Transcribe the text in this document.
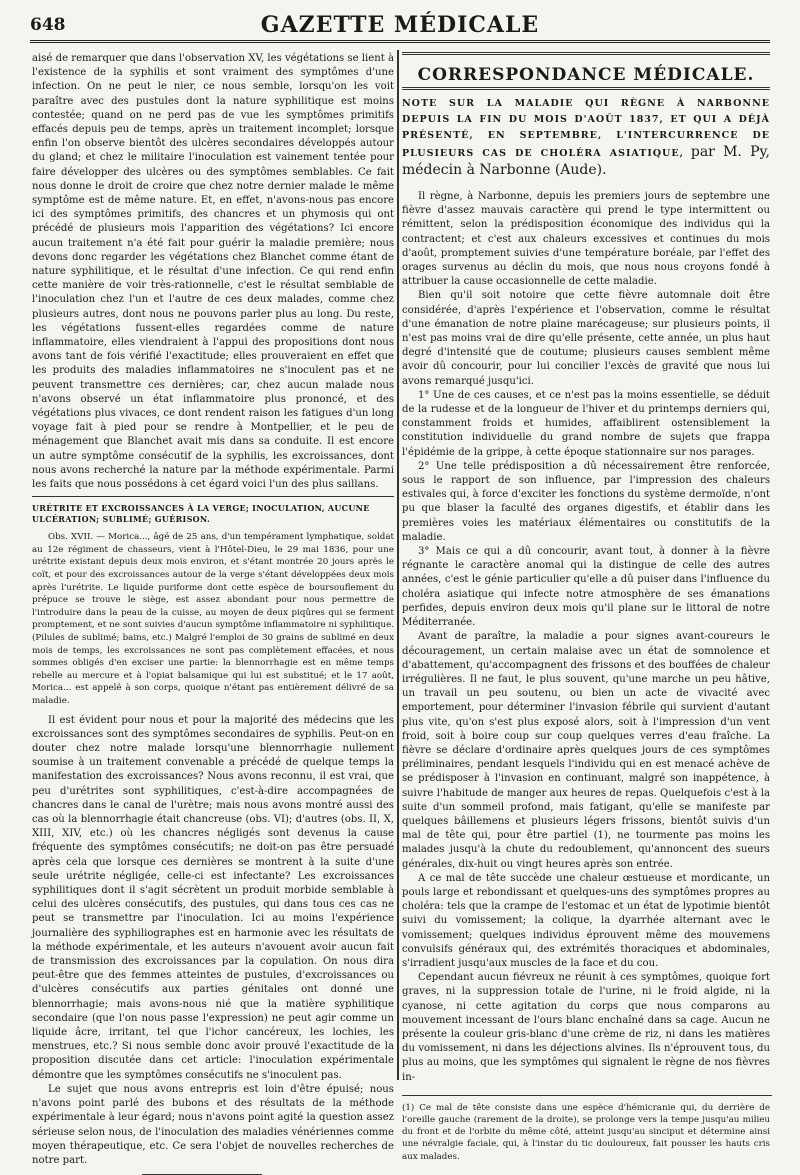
648	GAZETTE MÉDICALE

aisé de remarquer que dans l'observation XV, les végétations se lient à l'existence de la syphilis et sont vraiment des symptômes d'une infection. On ne peut le nier, ce nous semble, lorsqu'on les voit paraître avec des pustules dont la nature syphilitique est moins contestée; quand on ne perd pas de vue les symptômes primitifs effacés depuis peu de temps, après un traitement incomplet; lorsque enfin l'on observe bientôt des ulcères secondaires développés autour du gland; et chez le militaire l'inoculation est vainement tentée pour faire développer des ulcères ou des symptômes semblables. Ce fait nous donne le droit de croire que chez notre dernier malade le même symptôme est de même nature. Et, en effet, n'avons-nous pas encore ici des symptômes primitifs, des chancres et un phymosis qui ont précédé de plusieurs mois l'apparition des végétations? Ici encore aucun traitement n'a été fait pour guérir la maladie première; nous devons donc regarder les végétations chez Blanchet comme étant de nature syphilitique, et le résultat d'une infection. Ce qui rend enfin cette manière de voir très-rationnelle, c'est le résultat semblable de l'inoculation chez l'un et l'autre de ces deux malades, comme chez plusieurs autres, dont nous ne pouvons parler plus au long. Du reste, les végétations fussent-elles regardées comme de nature inflammatoire, elles viendraient à l'appui des propositions dont nous avons tant de fois vérifié l'exactitude; elles prouveraient en effet que les produits des maladies inflammatoires ne s'inoculent pas et ne peuvent transmettre ces dernières; car, chez aucun malade nous n'avons observé un état inflammatoire plus prononcé, et des végétations plus vivaces, ce dont rendent raison les fatigues d'un long voyage fait à pied pour se rendre à Montpellier, et le peu de ménagement que Blanchet avait mis dans sa conduite. Il est encore un autre symptôme consécutif de la syphilis, les excroissances, dont nous avons recherché la nature par la méthode expérimentale. Parmi les faits que nous possédons à cet égard voici l'un des plus saillans.

URÉTRITE ET EXCROISSANCES À LA VERGE; INOCULATION, AUCUNE ULCÉRATION; SUBLIMÉ; GUÉRISON.

Obs. XVII. — Morica..., âgé de 25 ans, d'un tempérament lymphatique, soldat au 12e régiment de chasseurs, vient à l'Hôtel-Dieu, le 29 mai 1836, pour une urétrite existant depuis deux mois environ, et s'étant montrée 20 jours après le coït, et pour des excroissances autour de la verge s'étant développées deux mois après l'urétrite. Le liquide puriforme dont cette espèce de boursouflement du prépuce se trouve le siège, est assez abondant pour nous permettre de l'introduire dans la peau de la cuisse, au moyen de deux piqûres qui se ferment promptement, et ne sont suivies d'aucun symptôme inflammatoire ni syphilitique. (Pilules de sublimé; bains, etc.) Malgré l'emploi de 30 grains de sublimé en deux mois de temps, les excroissances ne sont pas complètement effacées, et nous sommes obligés d'en exciser une partie: la blennorrhagie est en même temps rebelle au mercure et à l'opiat balsamique qui lui est substitué; et le 17 août, Morica... est appelé à son corps, quoique n'étant pas entièrement délivré de sa maladie.

Il est évident pour nous et pour la majorité des médecins que les excroissances sont des symptômes secondaires de syphilis. Peut-on en douter chez notre malade lorsqu'une blennorrhagie nullement soumise à un traitement convenable a précédé de quelque temps la manifestation des excroissances? Nous avons reconnu, il est vrai, que peu d'urétrites sont syphilitiques, c'est-à-dire accompagnées de chancres dans le canal de l'urètre; mais nous avons montré aussi des cas où la blennorrhagie était chancreuse (obs. VI); d'autres (obs. II, X, XIII, XIV, etc.) où les chancres négligés sont devenus la cause fréquente des symptômes consécutifs; ne doit-on pas être persuadé après cela que lorsque ces dernières se montrent à la suite d'une seule urétrite négligée, celle-ci est infectante? Les excroissances syphilitiques dont il s'agit sécrètent un produit morbide semblable à celui des ulcères consécutifs, des pustules, qui dans tous ces cas ne peut se transmettre par l'inoculation. Ici au moins l'expérience journalière des syphiliographes est en harmonie avec les résultats de la méthode expérimentale, et les auteurs n'avouent avoir aucun fait de transmission des excroissances par la copulation. On nous dira peut-être que des femmes atteintes de pustules, d'excroissances ou d'ulcères consécutifs aux parties génitales ont donné une blennorrhagie; mais avons-nous nié que la matière syphilitique secondaire (que l'on nous passe l'expression) ne peut agir comme un liquide âcre, irritant, tel que l'ichor cancéreux, les lochies, les menstrues, etc.? Si nous semble donc avoir prouvé l'exactitude de la proposition discutée dans cet article: l'inoculation expérimentale démontre que les symptômes consécutifs ne s'inoculent pas.

Le sujet que nous avons entrepris est loin d'être épuisé; nous n'avons point parlé des bubons et des résultats de la méthode expérimentale à leur égard; nous n'avons point agité la question assez sérieuse selon nous, de l'inoculation des maladies vénériennes comme moyen thérapeutique, etc. Ce sera l'objet de nouvelles recherches de notre part.

CORRESPONDANCE MÉDICALE.
NOTE SUR LA MALADIE QUI RÈGNE À NARBONNE DEPUIS LA FIN DU MOIS D'AOÛT 1837, ET QUI A DÉJÀ PRÉSENTÉ, EN SEPTEMBRE, L'INTERCURRENCE DE PLUSIEURS CAS DE CHOLÉRA ASIATIQUE, par M. Py, médecin à Narbonne (Aude).

Il règne, à Narbonne, depuis les premiers jours de septembre une fièvre d'assez mauvais caractère qui prend le type intermittent ou rémittent, selon la prédisposition économique des individus qui la contractent; et c'est aux chaleurs excessives et continues du mois d'août, promptement suivies d'une température boréale, par l'effet des orages survenus au déclin du mois, que nous nous croyons fondé à attribuer la cause occasionnelle de cette maladie.

Bien qu'il soit notoire que cette fièvre automnale doit être considérée, d'après l'expérience et l'observation, comme le résultat d'une émanation de notre plaine marécageuse; sur plusieurs points, il n'est pas moins vrai de dire qu'elle présente, cette année, un plus haut degré d'intensité que de coutume; plusieurs causes semblent même avoir dû concourir, pour lui concilier l'excès de gravité que nous lui avons remarqué jusqu'ici.

1° Une de ces causes, et ce n'est pas la moins essentielle, se déduit de la rudesse et de la longueur de l'hiver et du printemps derniers qui, constamment froids et humides, affaiblirent ostensiblement la constitution individuelle du grand nombre de sujets que frappa l'épidémie de la grippe, à cette époque stationnaire sur nos parages.

2° Une telle prédisposition a dû nécessairement être renforcée, sous le rapport de son influence, par l'impression des chaleurs estivales qui, à force d'exciter les fonctions du système dermoïde, n'ont pu que blaser la faculté des organes digestifs, et établir dans les premières voies les matériaux élémentaires ou constitutifs de la maladie.

3° Mais ce qui a dû concourir, avant tout, à donner à la fièvre régnante le caractère anomal qui la distingue de celle des autres années, c'est le génie particulier qu'elle a dû puiser dans l'influence du choléra asiatique qui infecte notre atmosphère de ses émanations perfides, depuis environ deux mois qu'il plane sur le littoral de notre Méditerranée.

Avant de paraître, la maladie a pour signes avant-coureurs le découragement, un certain malaise avec un état de somnolence et d'abattement, qu'accompagnent des frissons et des bouffées de chaleur irrégulières. Il ne faut, le plus souvent, qu'une marche un peu hâtive, un travail un peu soutenu, ou bien un acte de vivacité avec emportement, pour déterminer l'invasion fébrile qui survient d'autant plus vite, qu'on s'est plus exposé alors, soit à l'impression d'un vent froid, soit à boire coup sur coup quelques verres d'eau fraîche. La fièvre se déclare d'ordinaire après quelques jours de ces symptômes préliminaires, pendant lesquels l'individu qui en est menacé achève de se prédisposer à l'invasion en continuant, malgré son inappétence, à suivre l'habitude de manger aux heures de repas. Quelquefois c'est à la suite d'un sommeil profond, mais fatigant, qu'elle se manifeste par quelques bâillemens et plusieurs légers frissons, bientôt suivis d'un mal de tête qui, pour être partiel (1), ne tourmente pas moins les malades jusqu'à la chute du redoublement, qu'annoncent des sueurs générales, dix-huit ou vingt heures après son entrée.

A ce mal de tête succède une chaleur œstueuse et mordicante, un pouls large et rebondissant et quelques-uns des symptômes propres au choléra: tels que la crampe de l'estomac et un état de lypotimie bientôt suivi du vomissement; la colique, la dyarrhée alternant avec le vomissement; quelques individus éprouvent même des mouvemens convulsifs généraux qui, des extrémités thoraciques et abdominales, s'irradient jusqu'aux muscles de la face et du cou.

Cependant aucun fiévreux ne réunit à ces symptômes, quoique fort graves, ni la suppression totale de l'urine, ni le froid algide, ni la cyanose, ni cette agitation du corps que nous comparons au mouvement incessant de l'ours blanc enchaîné dans sa cage. Aucun ne présente la couleur gris-blanc d'une crème de riz, ni dans les matières du vomissement, ni dans les déjections alvines. Ils n'éprouvent tous, du plus au moins, que les symptômes qui signalent le règne de nos fièvres in-

(1) Ce mal de tête consiste dans une espèce d'hémicranie qui, du derrière de l'oreille gauche (rarement de la droite), se prolonge vers la tempe jusqu'au milieu du front et de l'orbite du même côté, atteint jusqu'au sinciput et détermine ainsi une névralgie faciale, qui, à l'instar du tic douloureux, fait pousser les hauts cris aux malades.
